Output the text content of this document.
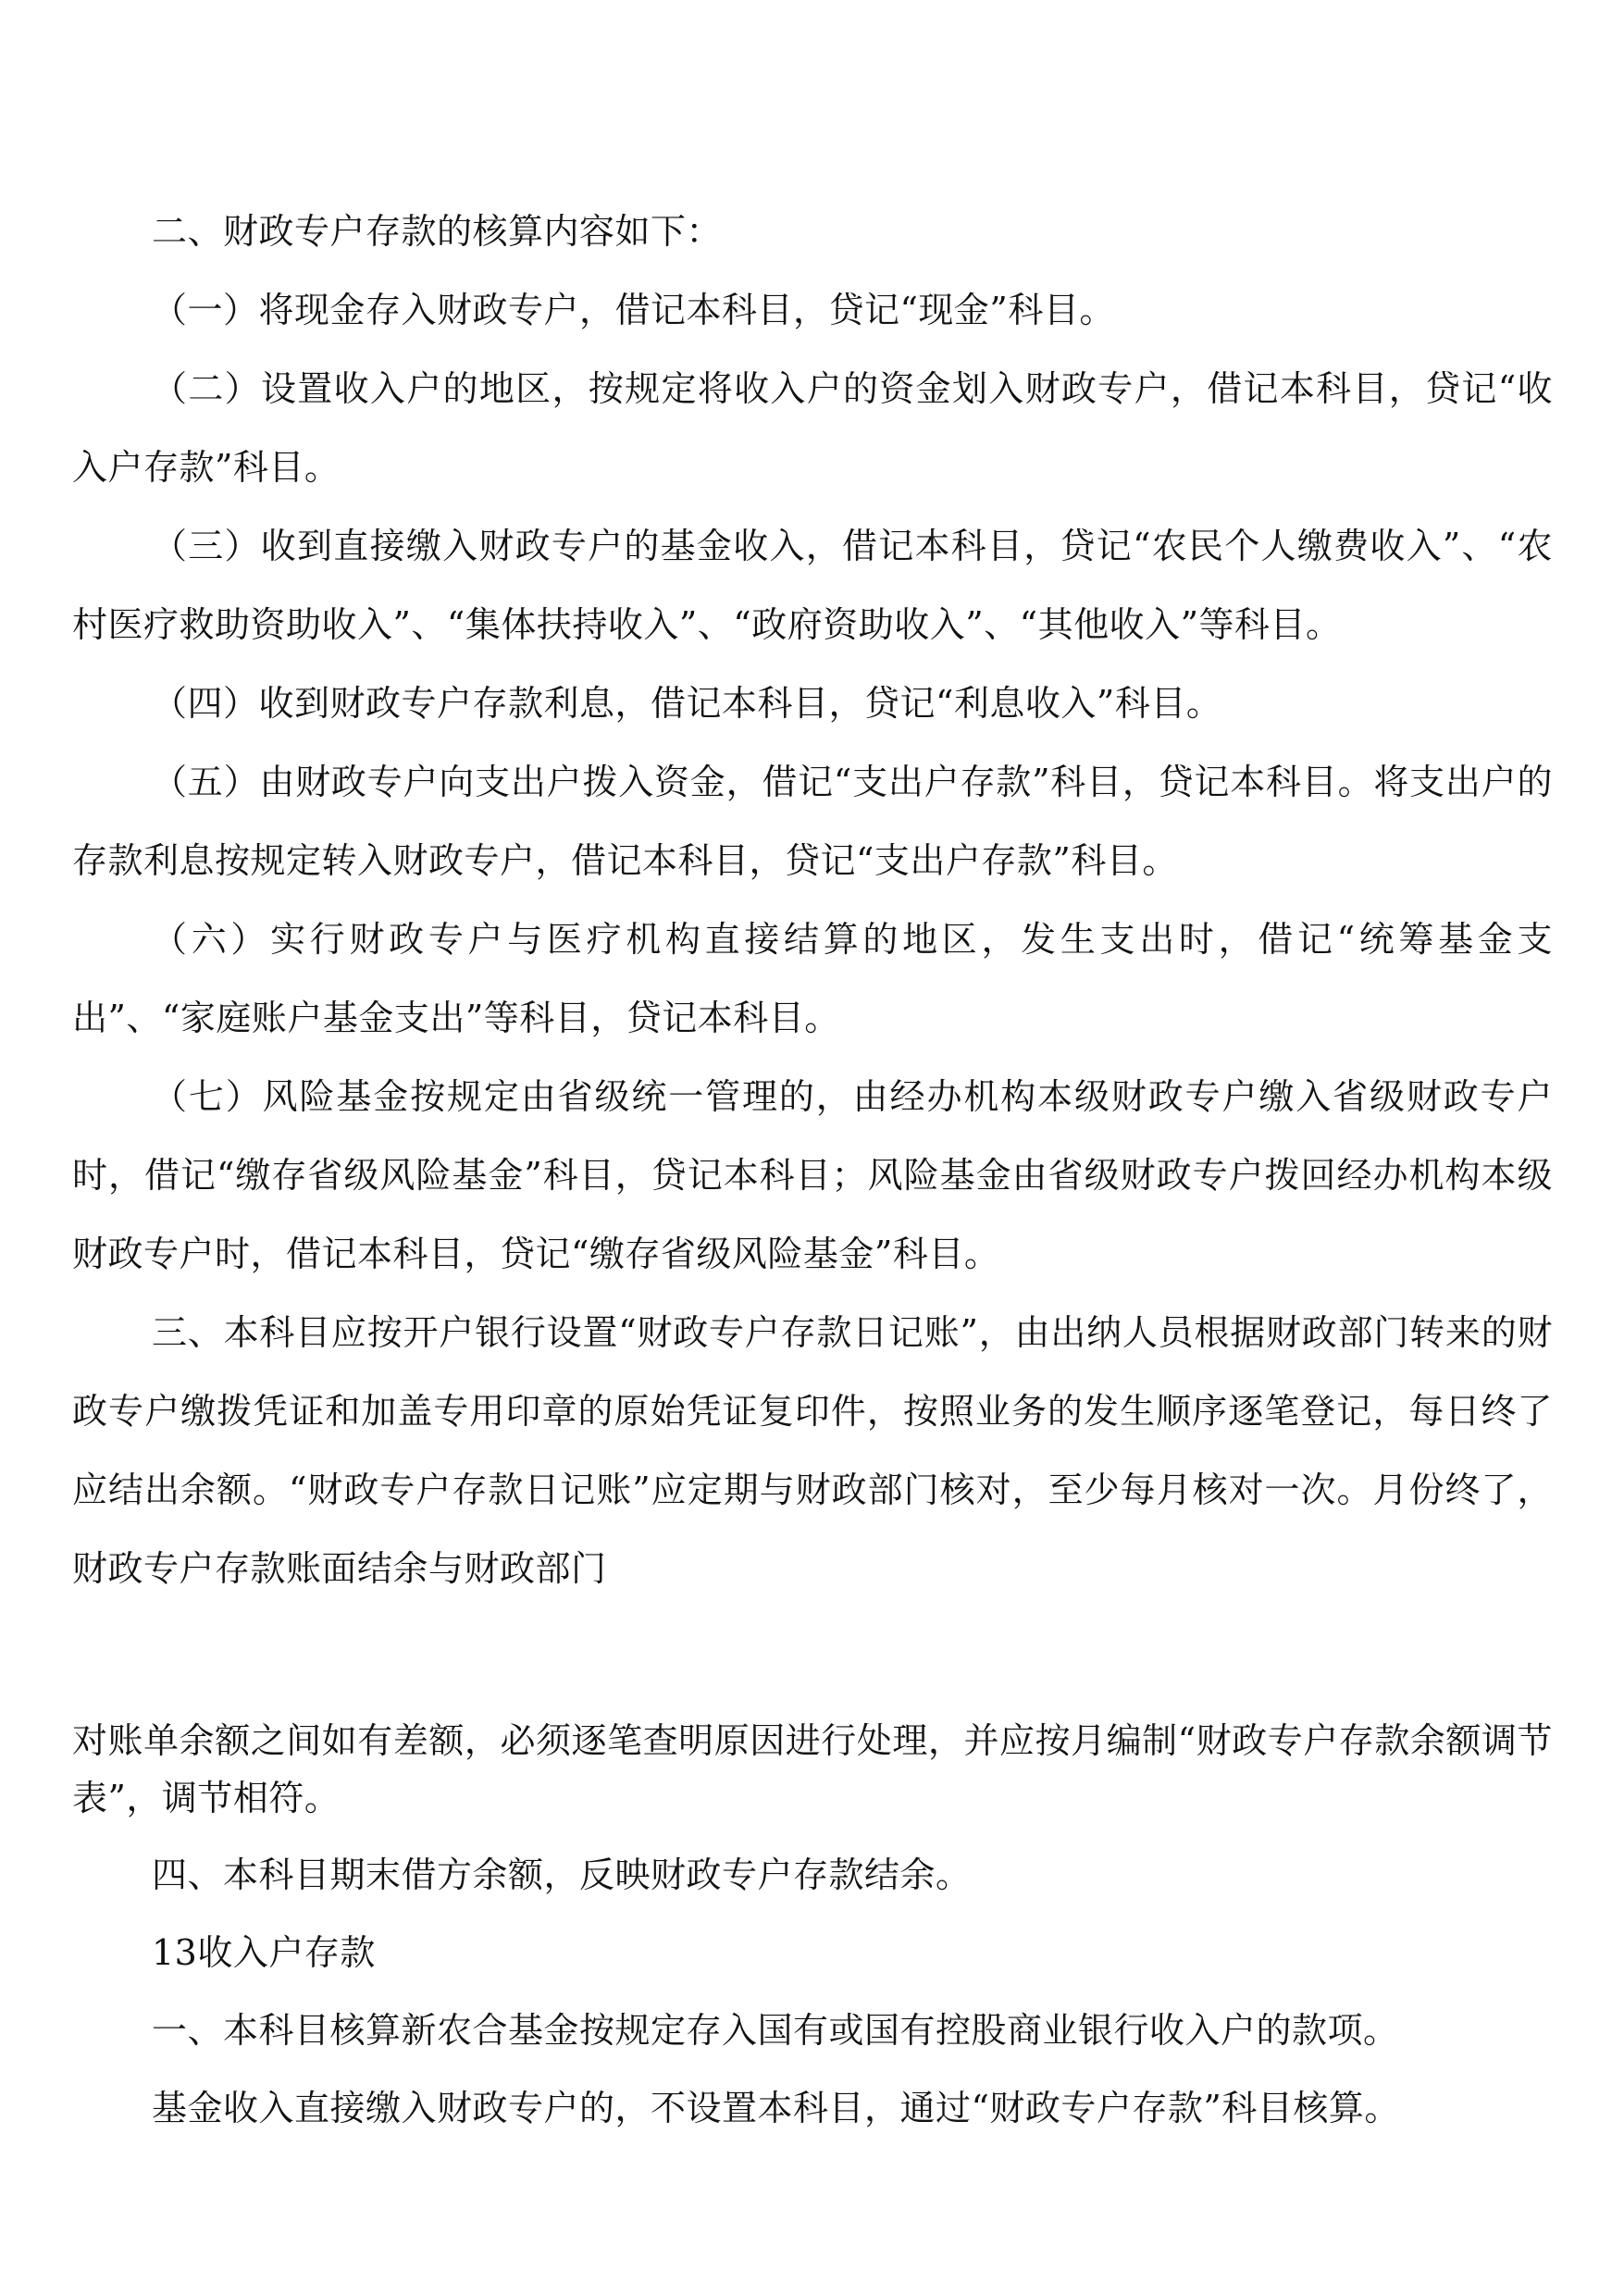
二、财政专户存款的核算内容如下：

（一）将现金存入财政专户，借记本科目，贷记“现金”科目。

（二）设置收入户的地区，按规定将收入户的资金划入财政专户，借记本科目，贷记“收入户存款”科目。

（三）收到直接缴入财政专户的基金收入，借记本科目，贷记“农民个人缴费收入”、“农村医疗救助资助收入”、“集体扶持收入”、“政府资助收入”、“其他收入”等科目。

（四）收到财政专户存款利息，借记本科目，贷记“利息收入”科目。

（五）由财政专户向支出户拨入资金，借记“支出户存款”科目，贷记本科目。将支出户的存款利息按规定转入财政专户，借记本科目，贷记“支出户存款”科目。

（六）实行财政专户与医疗机构直接结算的地区，发生支出时，借记“统筹基金支出”、“家庭账户基金支出”等科目，贷记本科目。

（七）风险基金按规定由省级统一管理的，由经办机构本级财政专户缴入省级财政专户时，借记“缴存省级风险基金”科目，贷记本科目；风险基金由省级财政专户拨回经办机构本级财政专户时，借记本科目，贷记“缴存省级风险基金”科目。

三、本科目应按开户银行设置“财政专户存款日记账”，由出纳人员根据财政部门转来的财政专户缴拨凭证和加盖专用印章的原始凭证复印件，按照业务的发生顺序逐笔登记，每日终了应结出余额。“财政专户存款日记账”应定期与财政部门核对，至少每月核对一次。月份终了，财政专户存款账面结余与财政部门

对账单余额之间如有差额，必须逐笔查明原因进行处理，并应按月编制“财政专户存款余额调节表”，调节相符。

四、本科目期末借方余额，反映财政专户存款结余。

13收入户存款

一、本科目核算新农合基金按规定存入国有或国有控股商业银行收入户的款项。

基金收入直接缴入财政专户的，不设置本科目，通过“财政专户存款”科目核算。
